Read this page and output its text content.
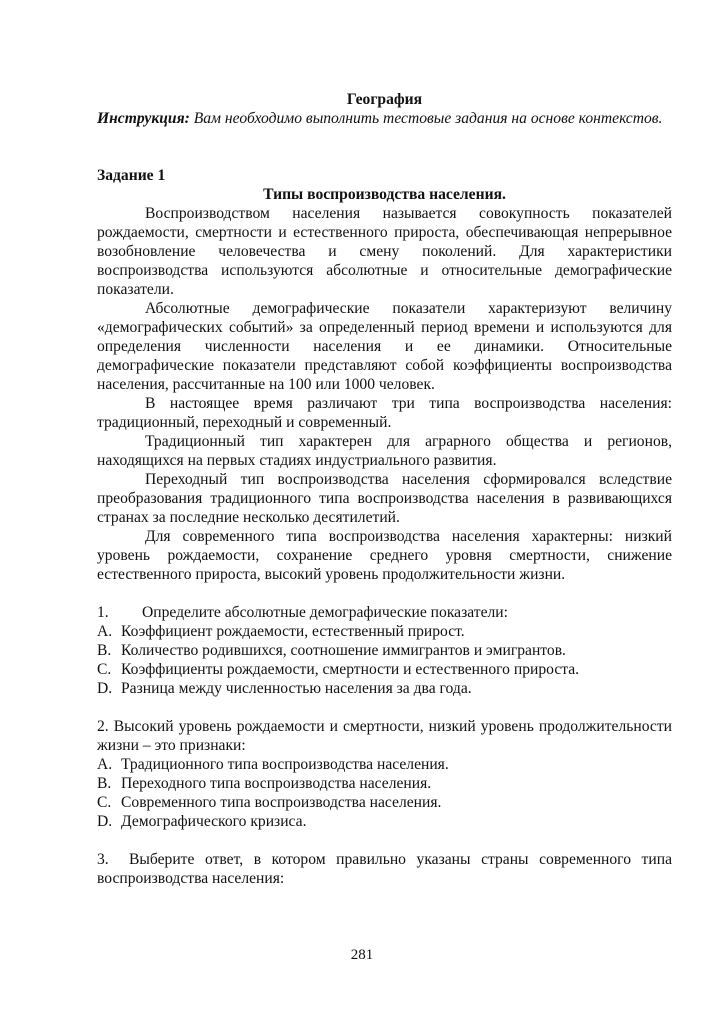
География

Инструкция: Вам необходимо выполнить тестовые задания на основе контекстов.

Задание 1

Типы воспроизводства населения.

Воспроизводством населения называется совокупность показателей рождаемости, смертности и естественного прироста, обеспечивающая непрерывное возобновление человечества и смену поколений. Для характеристики воспроизводства используются абсолютные и относительные демографические показатели.

Абсолютные демографические показатели характеризуют величину «демографических событий» за определенный период времени и используются для определения численности населения и ее динамики. Относительные демографические показатели представляют собой коэффициенты воспроизводства населения, рассчитанные на 100 или 1000 человек.

В настоящее время различают три типа воспроизводства населения: традиционный, переходный и современный.

Традиционный тип характерен для аграрного общества и регионов, находящихся на первых стадиях индустриального развития.

Переходный тип воспроизводства населения сформировался вследствие преобразования традиционного типа воспроизводства населения в развивающихся странах за последние несколько десятилетий.

Для современного типа воспроизводства населения характерны: низкий уровень рождаемости, сохранение среднего уровня смертности, снижение естественного прироста, высокий уровень продолжительности жизни.

1. Определите абсолютные демографические показатели:

A. Коэффициент рождаемости, естественный прирост.
B. Количество родившихся, соотношение иммигрантов и эмигрантов.
C. Коэффициенты рождаемости, смертности и естественного прироста.
D. Разница между численностью населения за два года.

2. Высокий уровень рождаемости и смертности, низкий уровень продолжительности жизни – это признаки:

A. Традиционного типа воспроизводства населения.
B. Переходного типа воспроизводства населения.
C. Современного типа воспроизводства населения.
D. Демографического кризиса.

3. Выберите ответ, в котором правильно указаны страны современного типа воспроизводства населения:

281
